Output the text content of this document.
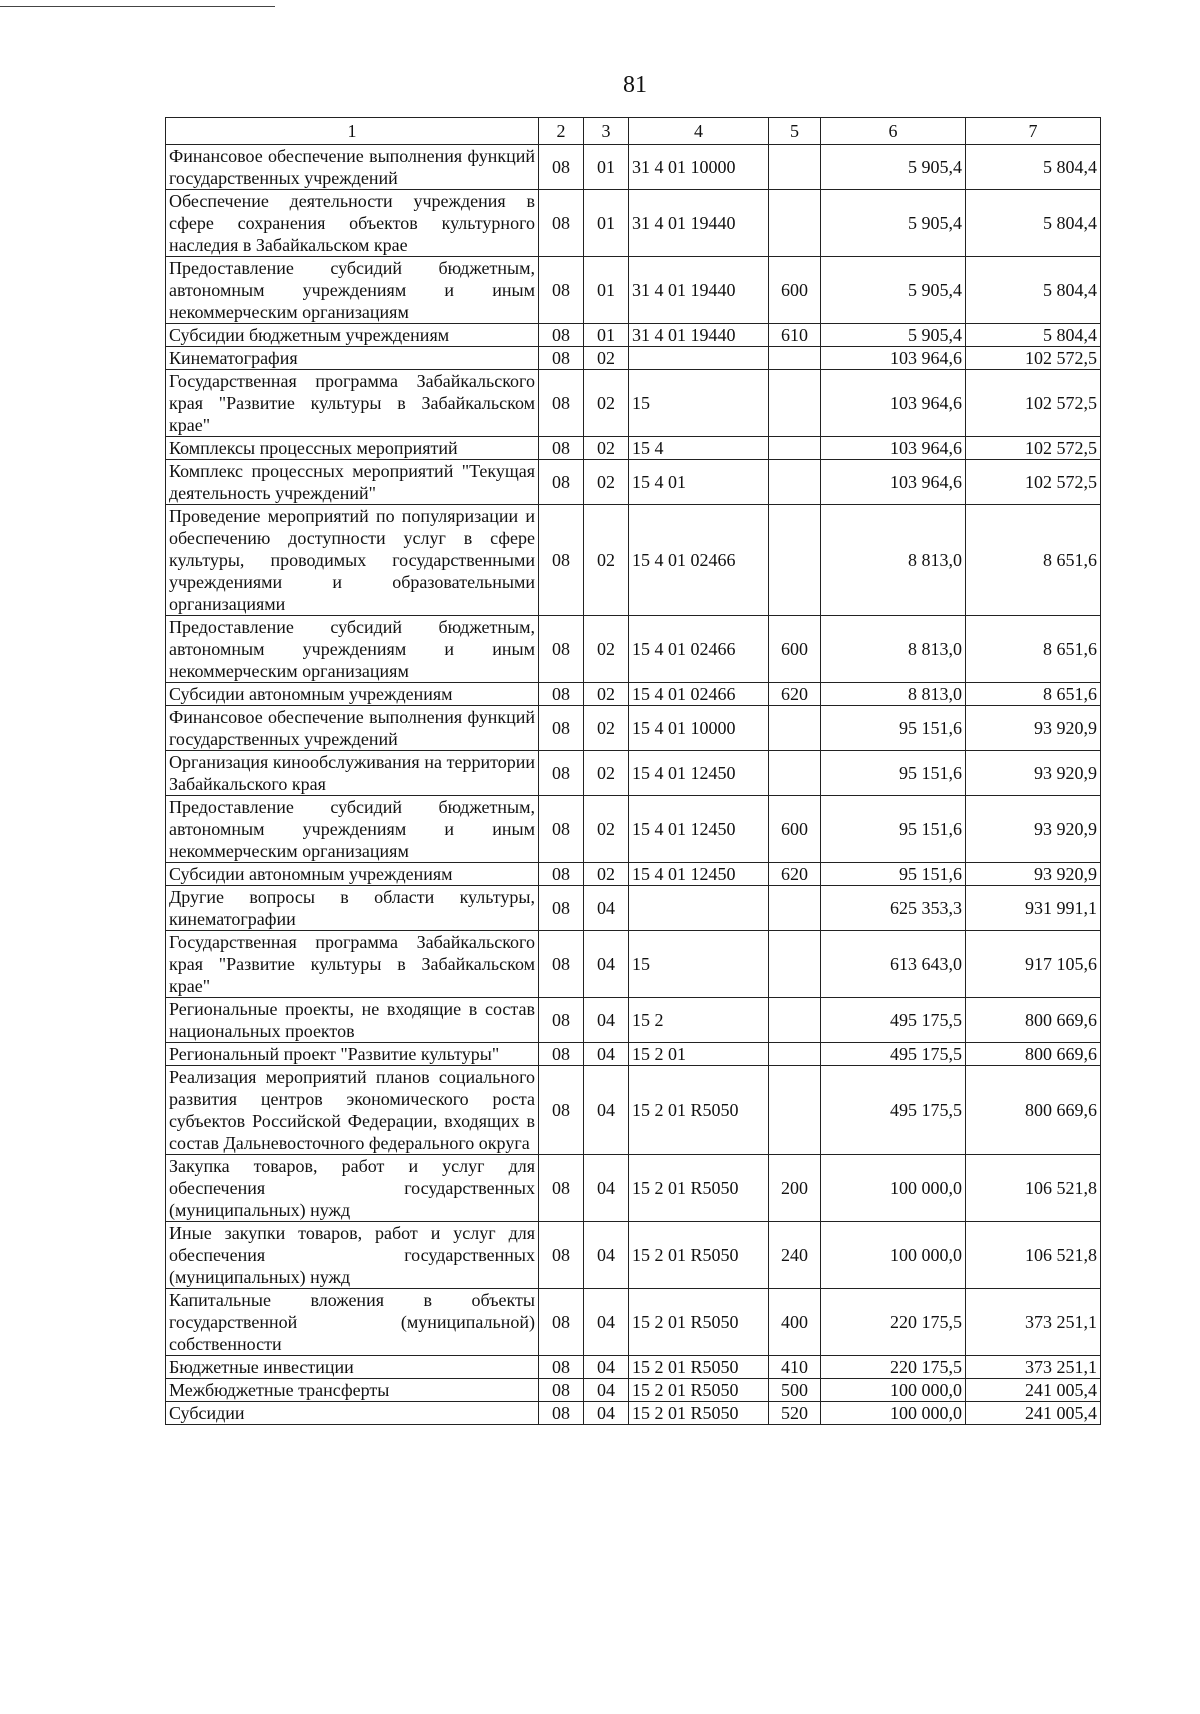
81
1	2	3	4	5	6	7
Финансовое обеспечение выполнения функций государственных учреждений	08	01	31 4 01 10000		5 905,4	5 804,4
Обеспечение деятельности учреждения в сфере сохранения объектов культурного наследия в Забайкальском крае	08	01	31 4 01 19440		5 905,4	5 804,4
Предоставление субсидий бюджетным, автономным учреждениям и иным некоммерческим организациям	08	01	31 4 01 19440	600	5 905,4	5 804,4
Субсидии бюджетным учреждениям	08	01	31 4 01 19440	610	5 905,4	5 804,4
Кинематография	08	02			103 964,6	102 572,5
Государственная программа Забайкальского края "Развитие культуры в Забайкальском крае"	08	02	15		103 964,6	102 572,5
Комплексы процессных мероприятий	08	02	15 4		103 964,6	102 572,5
Комплекс процессных мероприятий "Текущая деятельность учреждений"	08	02	15 4 01		103 964,6	102 572,5
Проведение мероприятий по популяризации и обеспечению доступности услуг в сфере культуры, проводимых государственными учреждениями и образовательными организациями	08	02	15 4 01 02466		8 813,0	8 651,6
Предоставление субсидий бюджетным, автономным учреждениям и иным некоммерческим организациям	08	02	15 4 01 02466	600	8 813,0	8 651,6
Субсидии автономным учреждениям	08	02	15 4 01 02466	620	8 813,0	8 651,6
Финансовое обеспечение выполнения функций государственных учреждений	08	02	15 4 01 10000		95 151,6	93 920,9
Организация кинообслуживания на территории Забайкальского края	08	02	15 4 01 12450		95 151,6	93 920,9
Предоставление субсидий бюджетным, автономным учреждениям и иным некоммерческим организациям	08	02	15 4 01 12450	600	95 151,6	93 920,9
Субсидии автономным учреждениям	08	02	15 4 01 12450	620	95 151,6	93 920,9
Другие вопросы в области культуры, кинематографии	08	04			625 353,3	931 991,1
Государственная программа Забайкальского края "Развитие культуры в Забайкальском крае"	08	04	15		613 643,0	917 105,6
Региональные проекты, не входящие в состав национальных проектов	08	04	15 2		495 175,5	800 669,6
Региональный проект "Развитие культуры"	08	04	15 2 01		495 175,5	800 669,6
Реализация мероприятий планов социального развития центров экономического роста субъектов Российской Федерации, входящих в состав Дальневосточного федерального округа	08	04	15 2 01 R5050		495 175,5	800 669,6
Закупка товаров, работ и услуг для обеспечения государственных (муниципальных) нужд	08	04	15 2 01 R5050	200	100 000,0	106 521,8
Иные закупки товаров, работ и услуг для обеспечения государственных (муниципальных) нужд	08	04	15 2 01 R5050	240	100 000,0	106 521,8
Капитальные вложения в объекты государственной (муниципальной) собственности	08	04	15 2 01 R5050	400	220 175,5	373 251,1
Бюджетные инвестиции	08	04	15 2 01 R5050	410	220 175,5	373 251,1
Межбюджетные трансферты	08	04	15 2 01 R5050	500	100 000,0	241 005,4
Субсидии	08	04	15 2 01 R5050	520	100 000,0	241 005,4
